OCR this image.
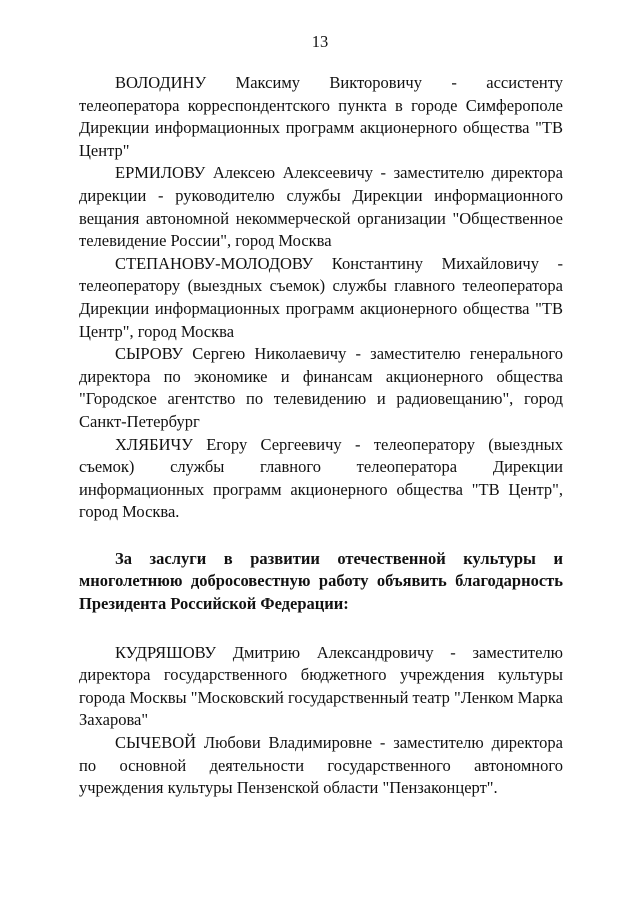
13

ВОЛОДИНУ Максиму Викторовичу - ассистенту телеоператора корреспондентского пункта в городе Симферополе Дирекции информационных программ акционерного общества "ТВ Центр"

ЕРМИЛОВУ Алексею Алексеевичу - заместителю директора дирекции - руководителю службы Дирекции информационного вещания автономной некоммерческой организации "Общественное телевидение России", город Москва

СТЕПАНОВУ-МОЛОДОВУ Константину Михайловичу - телеоператору (выездных съемок) службы главного телеоператора Дирекции информационных программ акционерного общества "ТВ Центр", город Москва

СЫРОВУ Сергею Николаевичу - заместителю генерального директора по экономике и финансам акционерного общества "Городское агентство по телевидению и радиовещанию", город Санкт-Петербург

ХЛЯБИЧУ Егору Сергеевичу - телеоператору (выездных съемок) службы главного телеоператора Дирекции информационных программ акционерного общества "ТВ Центр", город Москва.

За заслуги в развитии отечественной культуры и многолетнюю добросовестную работу объявить благодарность Президента Российской Федерации:

КУДРЯШОВУ Дмитрию Александровичу - заместителю директора государственного бюджетного учреждения культуры города Москвы "Московский государственный театр "Ленком Марка Захарова"

СЫЧЕВОЙ Любови Владимировне - заместителю директора по основной деятельности государственного автономного учреждения культуры Пензенской области "Пензаконцерт".
